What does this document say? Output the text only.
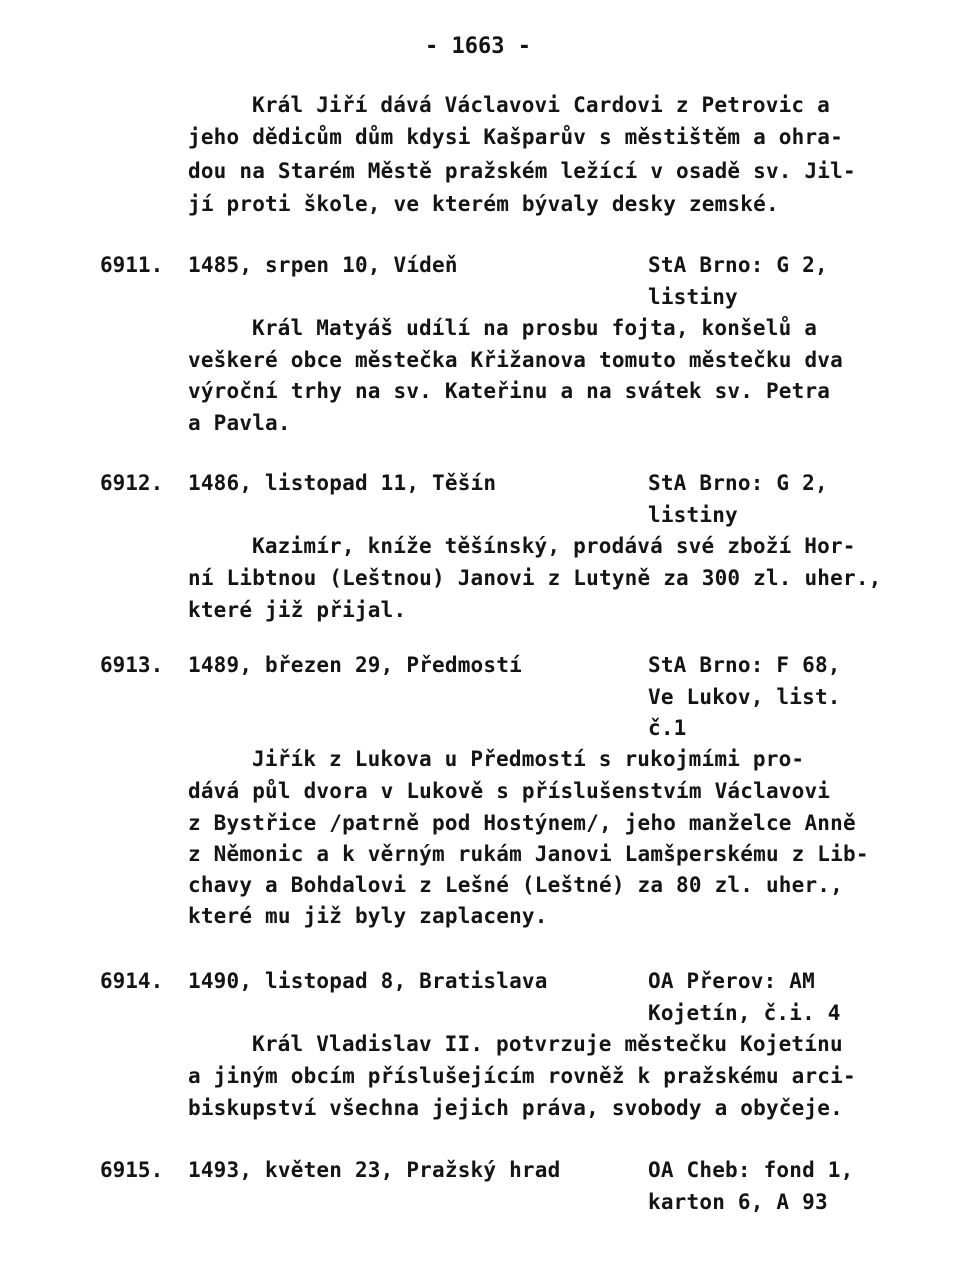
- 1663 -
Král Jiří dává Václavovi Cardovi z Petrovic a
jeho dědicům dům kdysi Kašparův s městištěm a ohra-
dou na Starém Městě pražském ležící v osadě sv. Jil-
jí proti škole, ve kterém bývaly desky zemské.
6911. 1485, srpen 10, Vídeň	StA Brno: G 2,
listiny
Král Matyáš udílí na prosbu fojta, konšelů a
veškeré obce městečka Křižanova tomuto městečku dva
výroční trhy na sv. Kateřinu a na svátek sv. Petra
a Pavla.
6912. 1486, listopad 11, Těšín	StA Brno: G 2,
listiny
Kazimír, kníže těšínský, prodává své zboží Hor-
ní Libtnou (Leštnou) Janovi z Lutyně za 300 zl. uher.,
které již přijal.
6913. 1489, březen 29, Předmostí	StA Brno: F 68,
Ve Lukov, list.
č.1
Jiřík z Lukova u Předmostí s rukojmími pro-
dává půl dvora v Lukově s příslušenstvím Václavovi
z Bystřice /patrně pod Hostýnem/, jeho manželce Anně
z Němonic a k věrným rukám Janovi Lamšperskému z Lib-
chavy a Bohdalovi z Lešné (Leštné) za 80 zl. uher.,
které mu již byly zaplaceny.
6914. 1490, listopad 8, Bratislava	OA Přerov: AM
Kojetín, č.i. 4
Král Vladislav II. potvrzuje městečku Kojetínu
a jiným obcím příslušejícím rovněž k pražskému arci-
biskupství všechna jejich práva, svobody a obyčeje.
6915. 1493, květen 23, Pražský hrad	OA Cheb: fond 1,
karton 6, A 93
